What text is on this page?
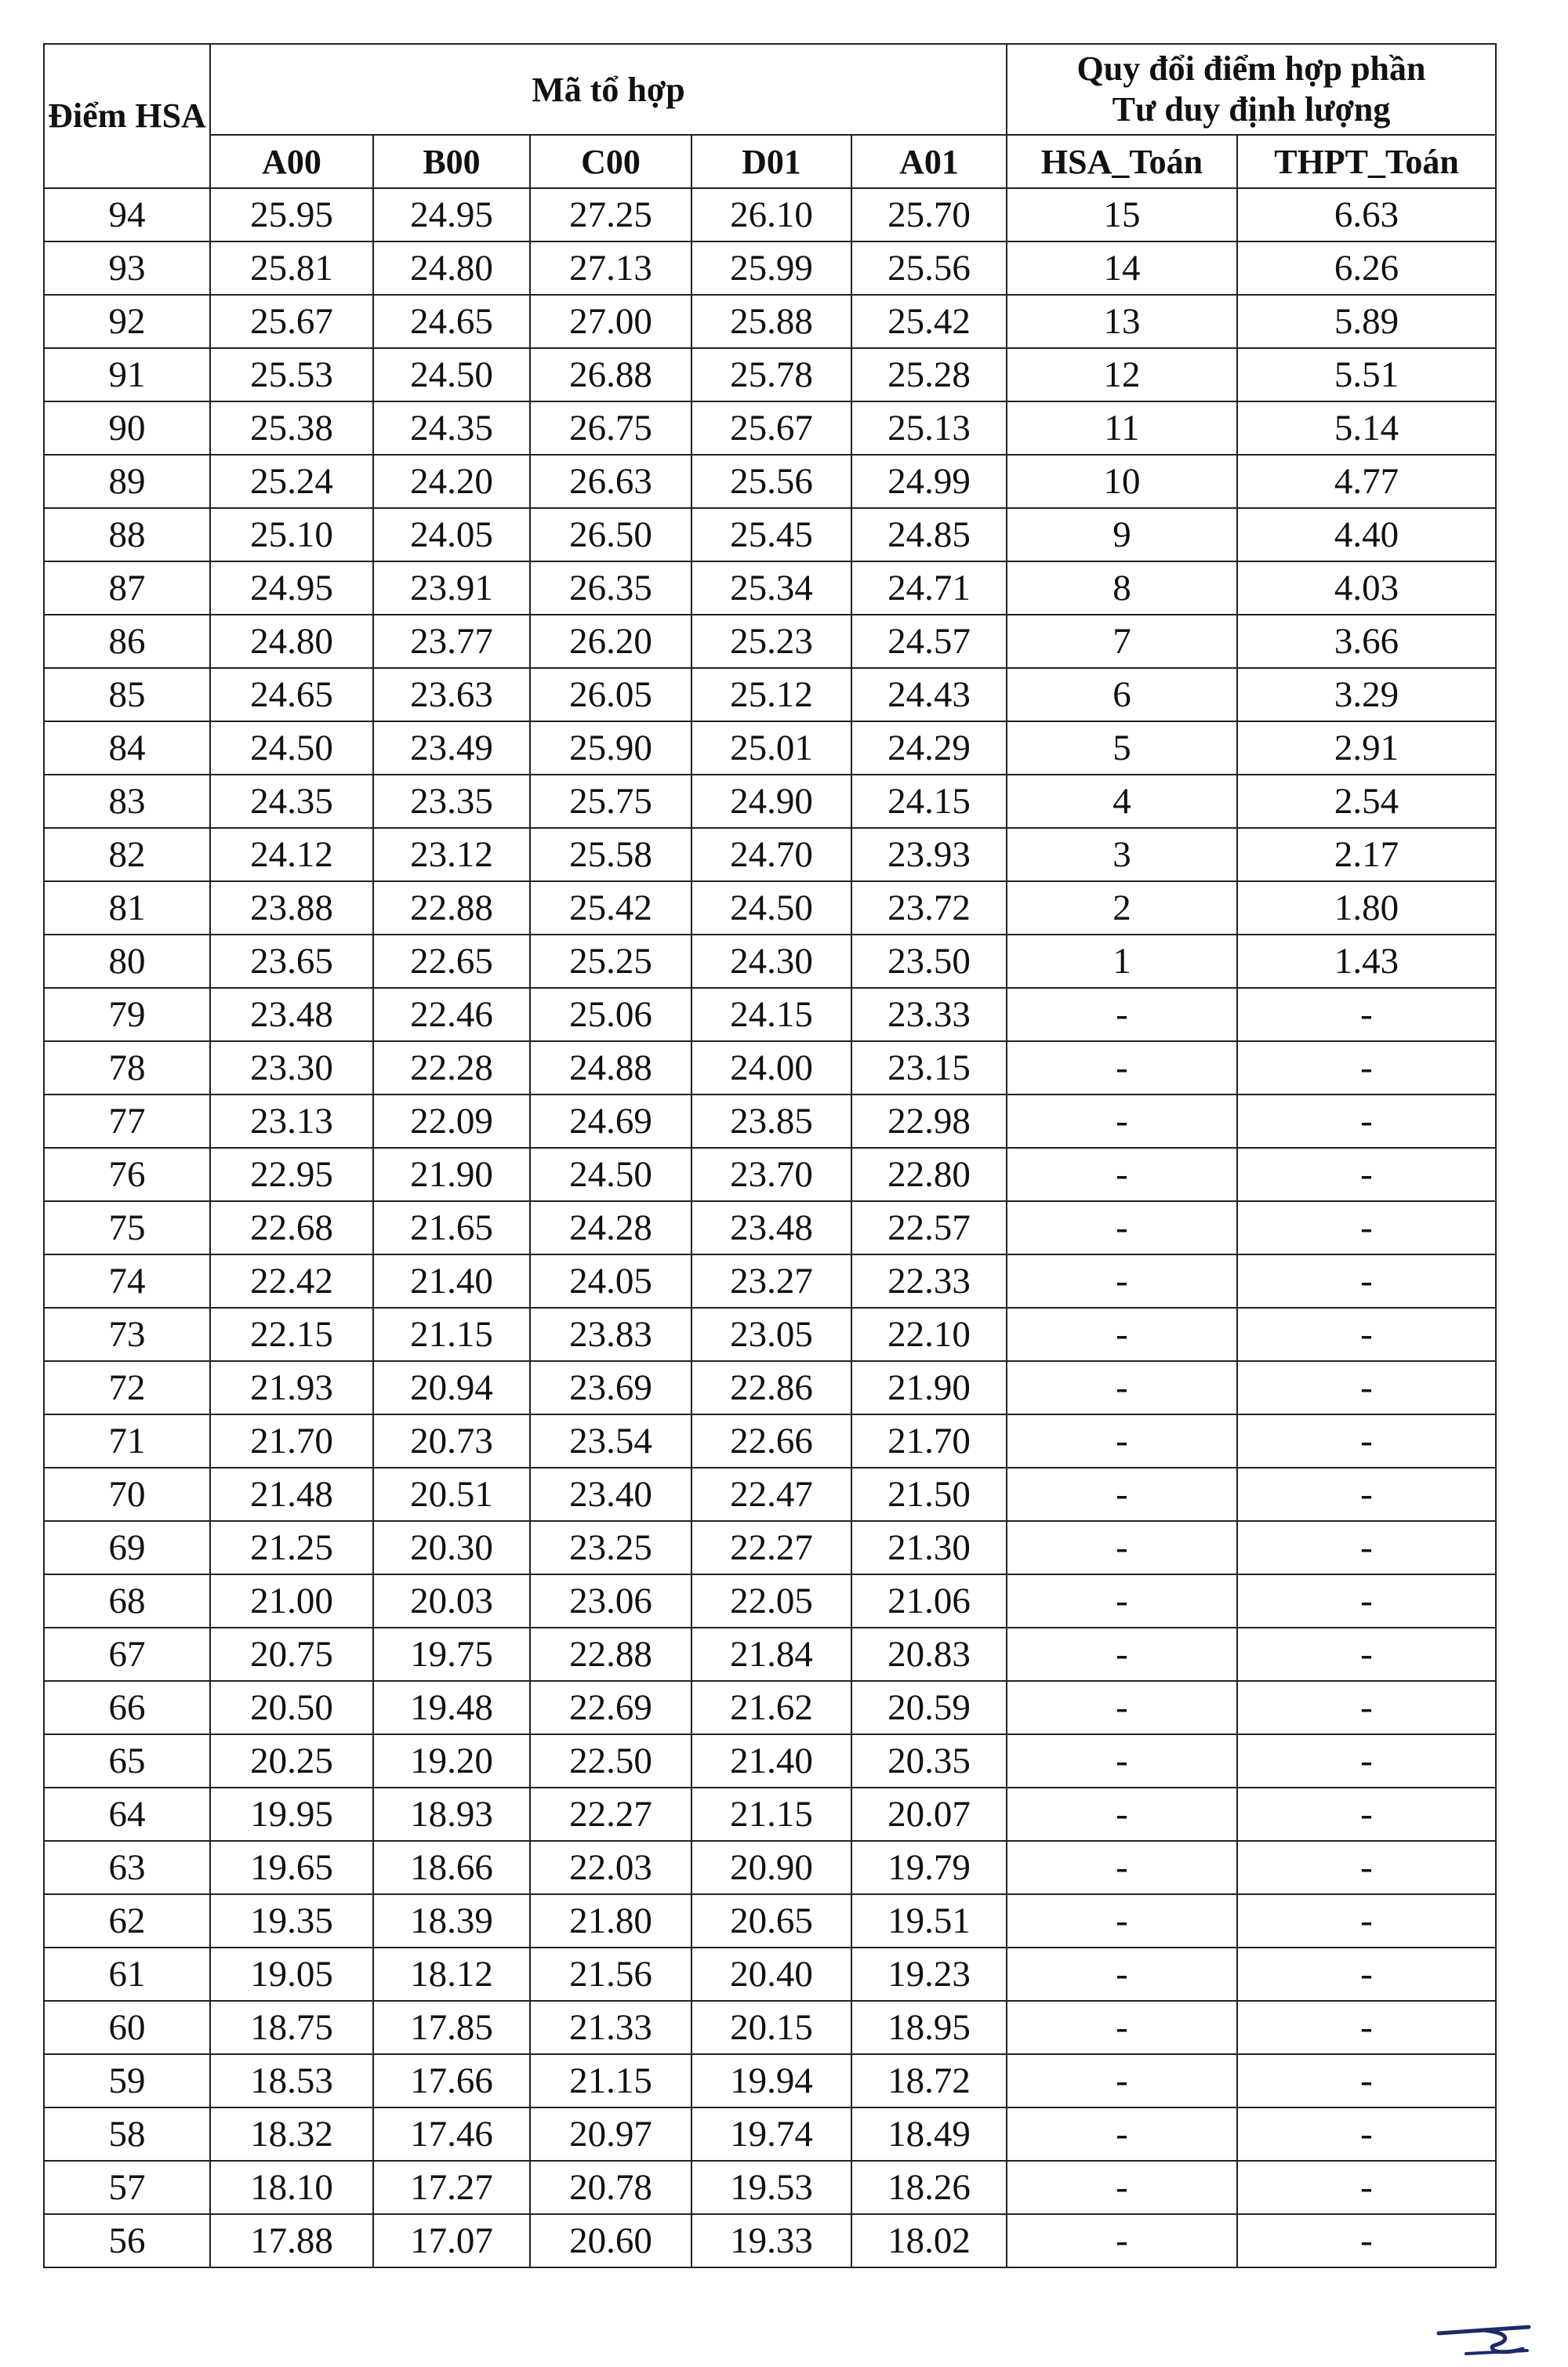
Điểm HSA	Mã tổ hợp					Quy đổi điểm hợp phần
Tư duy định lượng	

	A00	B00	C00	D01	A01	HSA_Toán	THPT_Toán
94	25.95	24.95	27.25	26.10	25.70	15	6.63
93	25.81	24.80	27.13	25.99	25.56	14	6.26
92	25.67	24.65	27.00	25.88	25.42	13	5.89
91	25.53	24.50	26.88	25.78	25.28	12	5.51
90	25.38	24.35	26.75	25.67	25.13	11	5.14
89	25.24	24.20	26.63	25.56	24.99	10	4.77
88	25.10	24.05	26.50	25.45	24.85	9	4.40
87	24.95	23.91	26.35	25.34	24.71	8	4.03
86	24.80	23.77	26.20	25.23	24.57	7	3.66
85	24.65	23.63	26.05	25.12	24.43	6	3.29
84	24.50	23.49	25.90	25.01	24.29	5	2.91
83	24.35	23.35	25.75	24.90	24.15	4	2.54
82	24.12	23.12	25.58	24.70	23.93	3	2.17
81	23.88	22.88	25.42	24.50	23.72	2	1.80
80	23.65	22.65	25.25	24.30	23.50	1	1.43
79	23.48	22.46	25.06	24.15	23.33	-	-
78	23.30	22.28	24.88	24.00	23.15	-	-
77	23.13	22.09	24.69	23.85	22.98	-	-
76	22.95	21.90	24.50	23.70	22.80	-	-
75	22.68	21.65	24.28	23.48	22.57	-	-
74	22.42	21.40	24.05	23.27	22.33	-	-
73	22.15	21.15	23.83	23.05	22.10	-	-
72	21.93	20.94	23.69	22.86	21.90	-	-
71	21.70	20.73	23.54	22.66	21.70	-	-
70	21.48	20.51	23.40	22.47	21.50	-	-
69	21.25	20.30	23.25	22.27	21.30	-	-
68	21.00	20.03	23.06	22.05	21.06	-	-
67	20.75	19.75	22.88	21.84	20.83	-	-
66	20.50	19.48	22.69	21.62	20.59	-	-
65	20.25	19.20	22.50	21.40	20.35	-	-
64	19.95	18.93	22.27	21.15	20.07	-	-
63	19.65	18.66	22.03	20.90	19.79	-	-
62	19.35	18.39	21.80	20.65	19.51	-	-
61	19.05	18.12	21.56	20.40	19.23	-	-
60	18.75	17.85	21.33	20.15	18.95	-	-
59	18.53	17.66	21.15	19.94	18.72	-	-
58	18.32	17.46	20.97	19.74	18.49	-	-
57	18.10	17.27	20.78	19.53	18.26	-	-
56	17.88	17.07	20.60	19.33	18.02	-	-
